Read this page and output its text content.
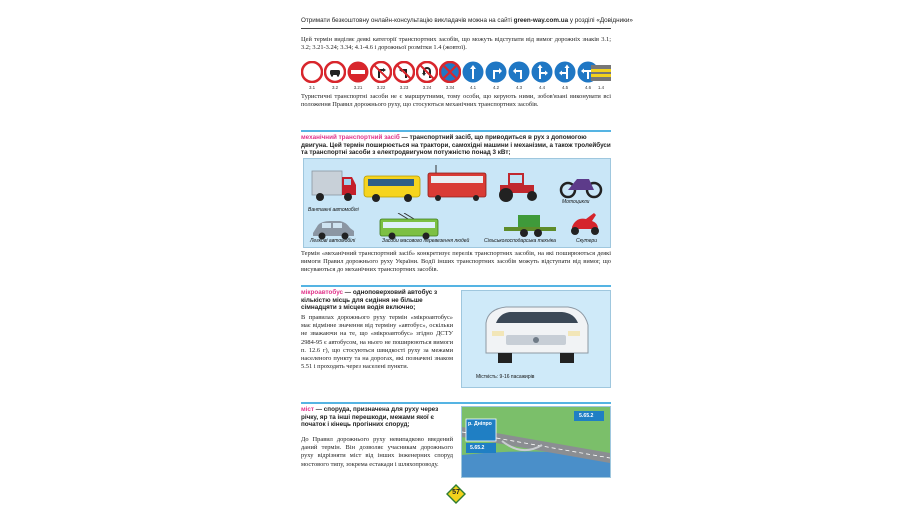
Отримати безкоштовну онлайн-консультацію викладачів можна на сайті green-way.com.ua у розділі «Довідники»
Цей термін виділяє деякі категорії транспортних засобів, що можуть відступати від вимог дорожніх знаків 3.1; 3.2; 3.21-3.24; 3.34; 4.1-4.6 і дорожньої розмітки 1.4 (жовтої).
3.1	3.2	3.21	3.22	3.23	3.24	3.34	4.1	4.2	4.3	4.4	4.5	4.6	1.4
Туристичні транспортні засоби не є маршрутними, тому особи, що керують ними, зобов'язані виконувати всі положення Правил дорожнього руху, що стосуються механічних транспортних засобів.
механічний транспортний засіб — транспортний засіб, що приводиться в рух з допомогою двигуна. Цей термін поширюється на трактори, самохідні машини і механізми, а також тролейбуси та транспортні засоби з електродвигуном потужністю понад 3 кВт;
Вантажні автомобілі
Легкові автомобілі	Засоби масового перевезення людей	Сільськогосподарська техніка
Мотоцикли
Скутери
Термін «механічний транспортний засіб» конкретизує перелік транспортних засобів, на які поширюються деякі вимоги Правил дорожнього руху України. Водії інших транспортних засобів можуть відступати від вимог, що висуваються до механічних транспортних засобів.
мікроавтобус — одноповерховий автобус з кількістю місць для сидіння не більше сімнадцяти з місцем водія включно;
В правилах дорожнього руху термін «мікроавтобус» має відмінне значення від терміну «автобус», оскільки не зважаючи на те, що «мікроавтобус» згідно ДСТУ 2984-95 є автобусом, на нього не поширюються вимоги п. 12.6 г), що стосуються швидкості руху за межами населеного пункту та на дорогах, які позначені знаком 5.51 і проходять через населені пункти.
Місткість: 9-16 пасажирів
міст — споруда, призначена для руху через річку, яр та інші перешкоди, межами якої є початок і кінець прогінних споруд;
До Правил дорожнього руху невипадково введений даний термін. Він дозволяє учасникам дорожнього руху відрізняти міст від інших інженерних споруд мостового типу, зокрема естакади і шляхопроводу.
р. Дніпро
5.65.2
5.65.2
57
